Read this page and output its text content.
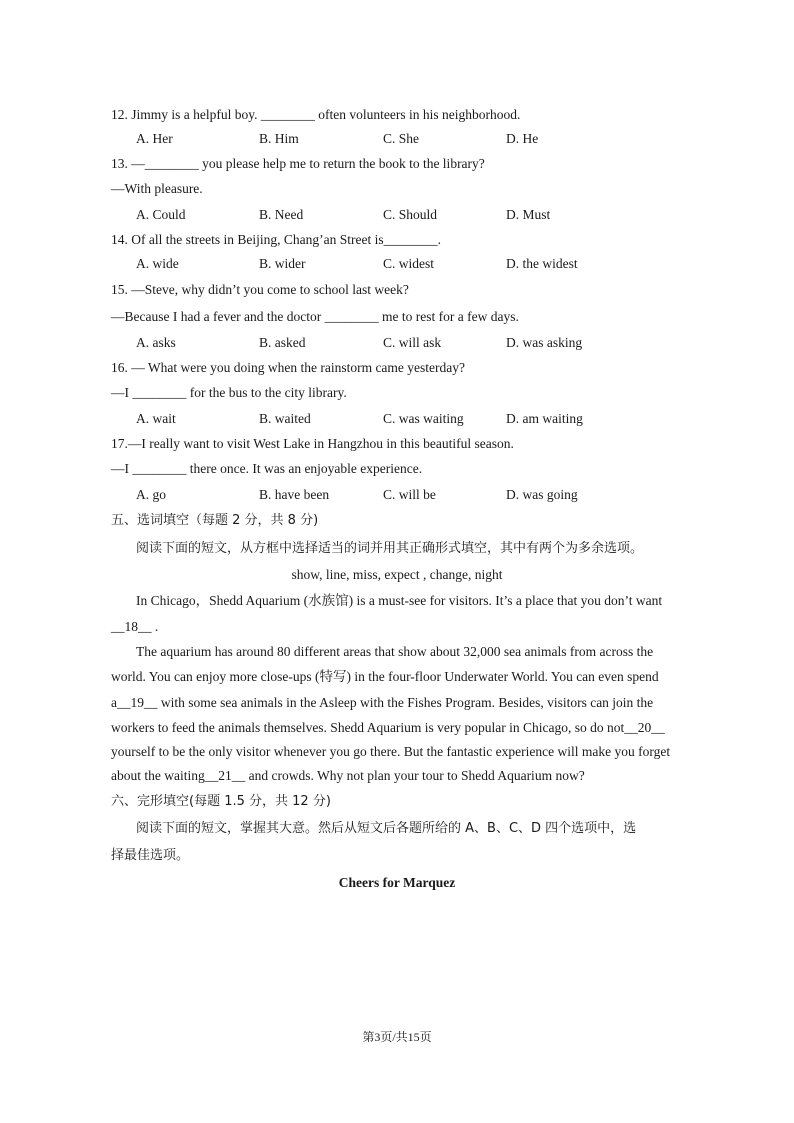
12. Jimmy is a helpful boy. ________ often volunteers in his neighborhood.
A. Her	B. Him	C. She	D. He
13. —________ you please help me to return the book to the library?
—With pleasure.
A. Could	B. Need	C. Should	D. Must
14. Of all the streets in Beijing, Chang’an Street is________.
A. wide	B. wider	C. widest	D. the widest
15. —Steve, why didn’t you come to school last week?
—Because I had a fever and the doctor ________ me to rest for a few days.
A. asks	B. asked	C. will ask	D. was asking
16. — What were you doing when the rainstorm came yesterday?
—I ________ for the bus to the city library.
A. wait	B. waited	C. was waiting	D. am waiting
17.—I really want to visit West Lake in Hangzhou in this beautiful season.
—I ________ there once. It was an enjoyable experience.
A. go	B. have been	C. will be	D. was going
五、选词填空（每题 2 分，共 8 分)
阅读下面的短文，从方框中选择适当的词并用其正确形式填空，其中有两个为多余选项。
show, line, miss, expect , change, night
In Chicago，Shedd Aquarium (水族馆) is a must-see for visitors. It’s a place that you don’t want
__18__ .
The aquarium has around 80 different areas that show about 32,000 sea animals from across the
world. You can enjoy more close-ups (特写) in the four-floor Underwater World. You can even spend
a__19__ with some sea animals in the Asleep with the Fishes Program. Besides, visitors can join the
workers to feed the animals themselves. Shedd Aquarium is very popular in Chicago, so do not__20__
yourself to be the only visitor whenever you go there. But the fantastic experience will make you forget
about the waiting__21__ and crowds. Why not plan your tour to Shedd Aquarium now?
六、完形填空(每题 1.5 分，共 12 分)
阅读下面的短文，掌握其大意。然后从短文后各题所给的 A、B、C、D 四个选项中，选
择最佳选项。
Cheers for Marquez
第3页/共15页
